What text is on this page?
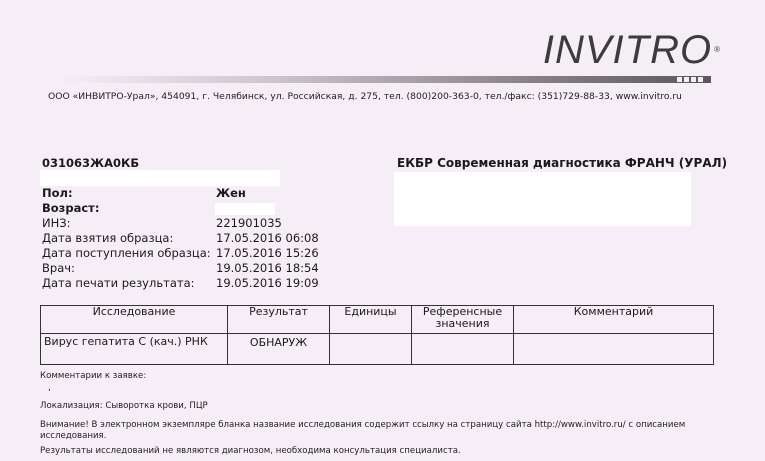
INVITRO ®
ООО «ИНВИТРО-Урал», 454091, г. Челябинск, ул. Российская, д. 275, тел. (800)200-363-0, тел./факс: (351)729-88-33, www.invitro.ru
031063ЖА0КБ	ЕКБР Современная диагностика ФРАНЧ (УРАЛ)
Пол:	Жен
Возраст:
ИНЗ:	221901035
Дата взятия образца:	17.05.2016 06:08
Дата поступления образца: 17.05.2016 15:26
Врач:	19.05.2016 18:54
Дата печати результата: 19.05.2016 19:09
Исследование	Результат	Единицы	Референсные значения	Комментарий
Вирус гепатита С (кач.) РНК	ОБНАРУЖ			
Комментарии к заявке:
,
Локализация: Сыворотка крови, ПЦР
Внимание! В электронном экземпляре бланка название исследования содержит ссылку на страницу сайта http://www.invitro.ru/ с описанием исследования.
Результаты исследований не являются диагнозом, необходима консультация специалиста.
